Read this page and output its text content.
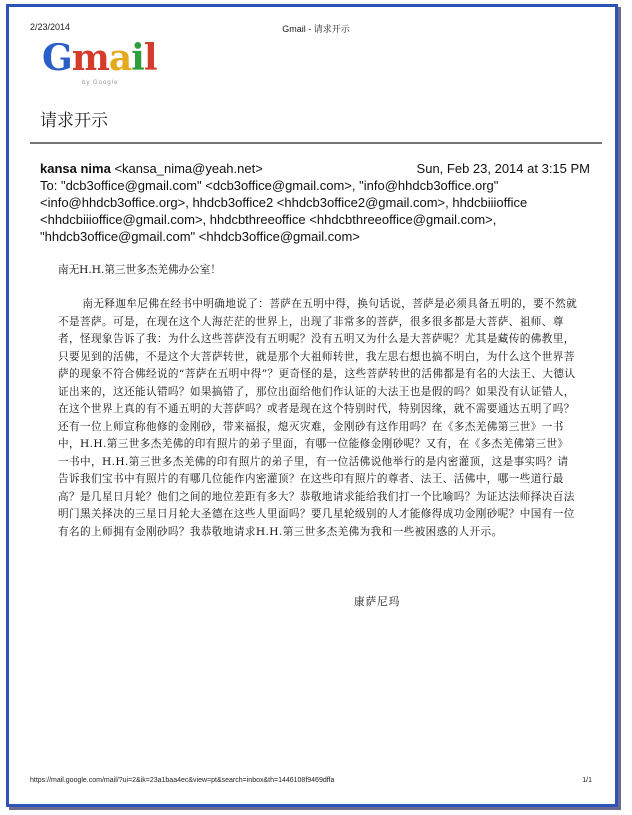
2/23/2014	Gmail - 请求开示
Gmail
by Google
请求开示
kansa nima <kansa_nima@yeah.net>	Sun, Feb 23, 2014 at 3:15 PM
To: "dcb3office@gmail.com" <dcb3office@gmail.com>, "info@hhdcb3office.org"
<info@hhdcb3office.org>, hhdcb3office2 <hhdcb3office2@gmail.com>, hhdcbiiioffice
<hhdcbiiioffice@gmail.com>, hhdcbthreeoffice <hhdcbthreeoffice@gmail.com>,
"hhdcb3office@gmail.com" <hhdcb3office@gmail.com>

南无H.H.第三世多杰羌佛办公室！

南无释迦牟尼佛在经书中明确地说了：菩萨在五明中得，换句话说，菩萨是必须具备五明的，要不然就不是菩萨。可是，在现在这个人海茫茫的世界上，出现了非常多的菩萨，很多很多都是大菩萨、祖师、尊者，怪现象告诉了我：为什么这些菩萨没有五明呢？没有五明又为什么是大菩萨呢？尤其是藏传的佛教里，只要见到的活佛，不是这个大菩萨转世，就是那个大祖师转世，我左思右想也搞不明白，为什么这个世界菩萨的现象不符合佛经说的“菩萨在五明中得”？更奇怪的是，这些菩萨转世的活佛都是有名的大法王、大德认证出来的，这还能认错吗？如果搞错了，那位出面给他们作认证的大法王也是假的吗？如果没有认证错人，在这个世界上真的有不通五明的大菩萨吗？或者是现在这个特别时代，特别因缘，就不需要通达五明了吗？还有一位上师宣称他修的金刚砂，带来福报，熄灭灾难，金刚砂有这作用吗？在《多杰羌佛第三世》一书中，H.H.第三世多杰羌佛的印有照片的弟子里面，有哪一位能修金刚砂呢？又有，在《多杰羌佛第三世》一书中，H.H.第三世多杰羌佛的印有照片的弟子里，有一位活佛说他举行的是内密灌顶，这是事实吗？请告诉我们宝书中有照片的有哪几位能作内密灌顶？在这些印有照片的尊者、法王、活佛中，哪一些道行最高？是几星日月轮？他们之间的地位差距有多大？恭敬地请求能给我们打一个比喻吗？为证达法师择决百法明门黑关择决的三星日月轮大圣德在这些人里面吗？要几星轮级别的人才能修得成功金刚砂呢？中国有一位有名的上师拥有金刚砂吗？我恭敬地请求H.H.第三世多杰羌佛为我和一些被困惑的人开示。

康萨尼玛
https://mail.google.com/mail/?ui=2&ik=23a1baa4ec&view=pt&search=inbox&th=1446108f9469dffa	1/1
